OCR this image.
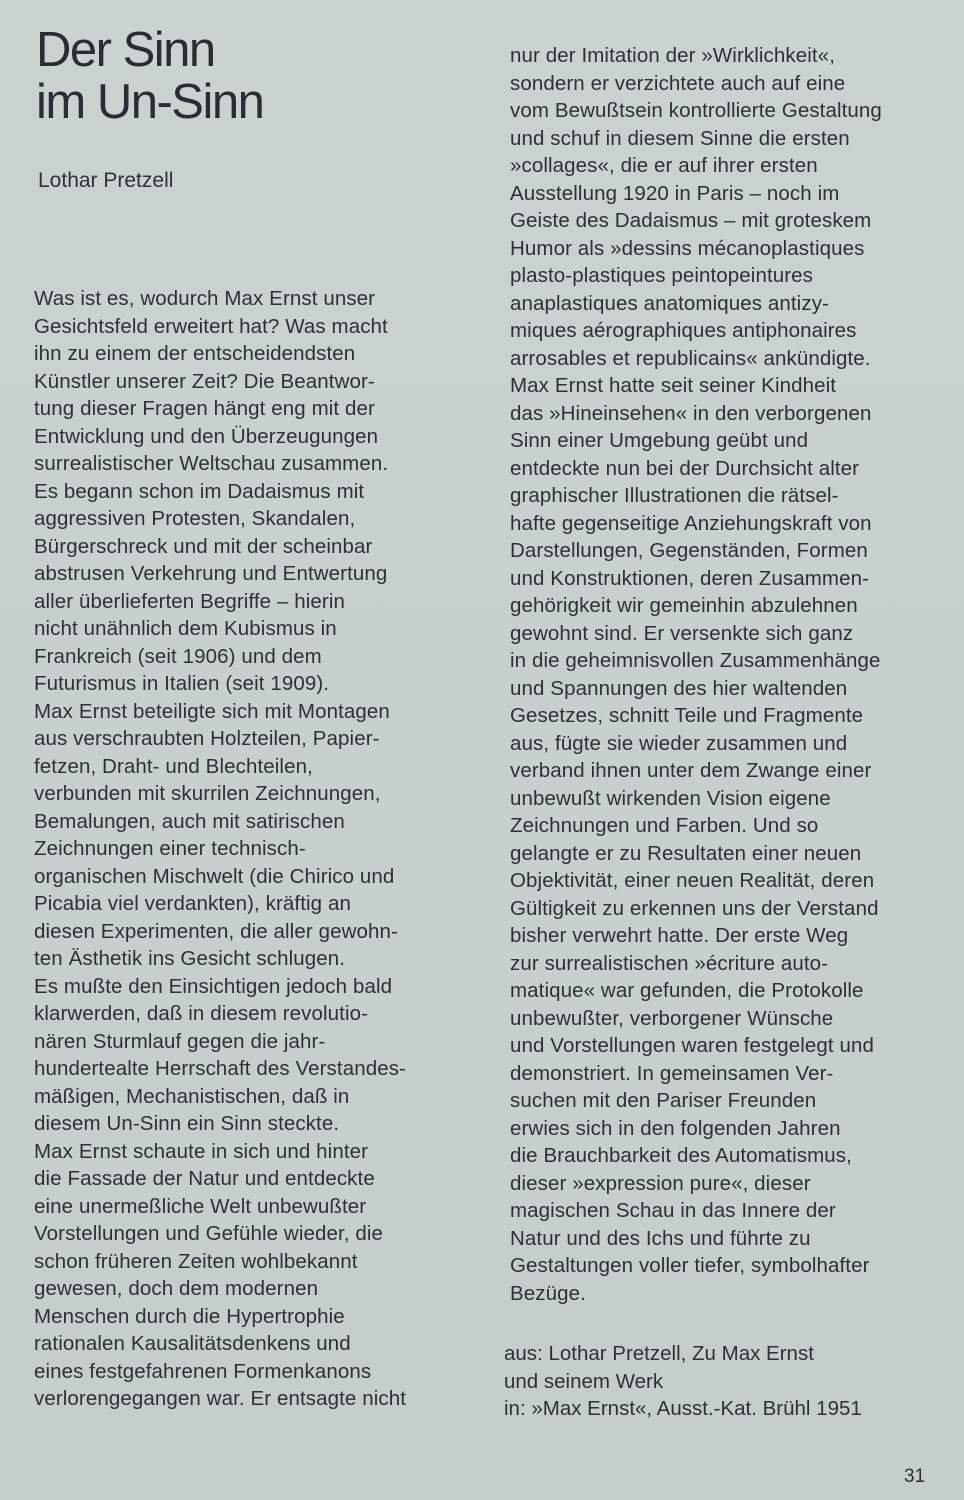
Der Sinn
im Un-Sinn
Lothar Pretzell
Was ist es, wodurch Max Ernst unser
Gesichtsfeld erweitert hat? Was macht
ihn zu einem der entscheidendsten
Künstler unserer Zeit? Die Beantwor-
tung dieser Fragen hängt eng mit der
Entwicklung und den Überzeugungen
surrealistischer Weltschau zusammen.
Es begann schon im Dadaismus mit
aggressiven Protesten, Skandalen,
Bürgerschreck und mit der scheinbar
abstrusen Verkehrung und Entwertung
aller überlieferten Begriffe – hierin
nicht unähnlich dem Kubismus in
Frankreich (seit 1906) und dem
Futurismus in Italien (seit 1909).
Max Ernst beteiligte sich mit Montagen
aus verschraubten Holzteilen, Papier-
fetzen, Draht- und Blechteilen,
verbunden mit skurrilen Zeichnungen,
Bemalungen, auch mit satirischen
Zeichnungen einer technisch-
organischen Mischwelt (die Chirico und
Picabia viel verdankten), kräftig an
diesen Experimenten, die aller gewohn-
ten Ästhetik ins Gesicht schlugen.
Es mußte den Einsichtigen jedoch bald
klarwerden, daß in diesem revolutio-
nären Sturmlauf gegen die jahr-
hundertealte Herrschaft des Verstandes-
mäßigen, Mechanistischen, daß in
diesem Un-Sinn ein Sinn steckte.
Max Ernst schaute in sich und hinter
die Fassade der Natur und entdeckte
eine unermeßliche Welt unbewußter
Vorstellungen und Gefühle wieder, die
schon früheren Zeiten wohlbekannt
gewesen, doch dem modernen
Menschen durch die Hypertrophie
rationalen Kausalitätsdenkens und
eines festgefahrenen Formenkanons
verlorengegangen war. Er entsagte nicht
nur der Imitation der »Wirklichkeit«,
sondern er verzichtete auch auf eine
vom Bewußtsein kontrollierte Gestaltung
und schuf in diesem Sinne die ersten
»collages«, die er auf ihrer ersten
Ausstellung 1920 in Paris – noch im
Geiste des Dadaismus – mit groteskem
Humor als »dessins mécanoplastiques
plasto-plastiques peintopeintures
anaplastiques anatomiques antizy-
miques aérographiques antiphonaires
arrosables et republicains« ankündigte.
Max Ernst hatte seit seiner Kindheit
das »Hineinsehen« in den verborgenen
Sinn einer Umgebung geübt und
entdeckte nun bei der Durchsicht alter
graphischer Illustrationen die rätsel-
hafte gegenseitige Anziehungskraft von
Darstellungen, Gegenständen, Formen
und Konstruktionen, deren Zusammen-
gehörigkeit wir gemeinhin abzulehnen
gewohnt sind. Er versenkte sich ganz
in die geheimnisvollen Zusammenhänge
und Spannungen des hier waltenden
Gesetzes, schnitt Teile und Fragmente
aus, fügte sie wieder zusammen und
verband ihnen unter dem Zwange einer
unbewußt wirkenden Vision eigene
Zeichnungen und Farben. Und so
gelangte er zu Resultaten einer neuen
Objektivität, einer neuen Realität, deren
Gültigkeit zu erkennen uns der Verstand
bisher verwehrt hatte. Der erste Weg
zur surrealistischen »écriture auto-
matique« war gefunden, die Protokolle
unbewußter, verborgener Wünsche
und Vorstellungen waren festgelegt und
demonstriert. In gemeinsamen Ver-
suchen mit den Pariser Freunden
erwies sich in den folgenden Jahren
die Brauchbarkeit des Automatismus,
dieser »expression pure«, dieser
magischen Schau in das Innere der
Natur und des Ichs und führte zu
Gestaltungen voller tiefer, symbolhafter
Bezüge.
aus: Lothar Pretzell, Zu Max Ernst
und seinem Werk
in: »Max Ernst«, Ausst.-Kat. Brühl 1951
31
